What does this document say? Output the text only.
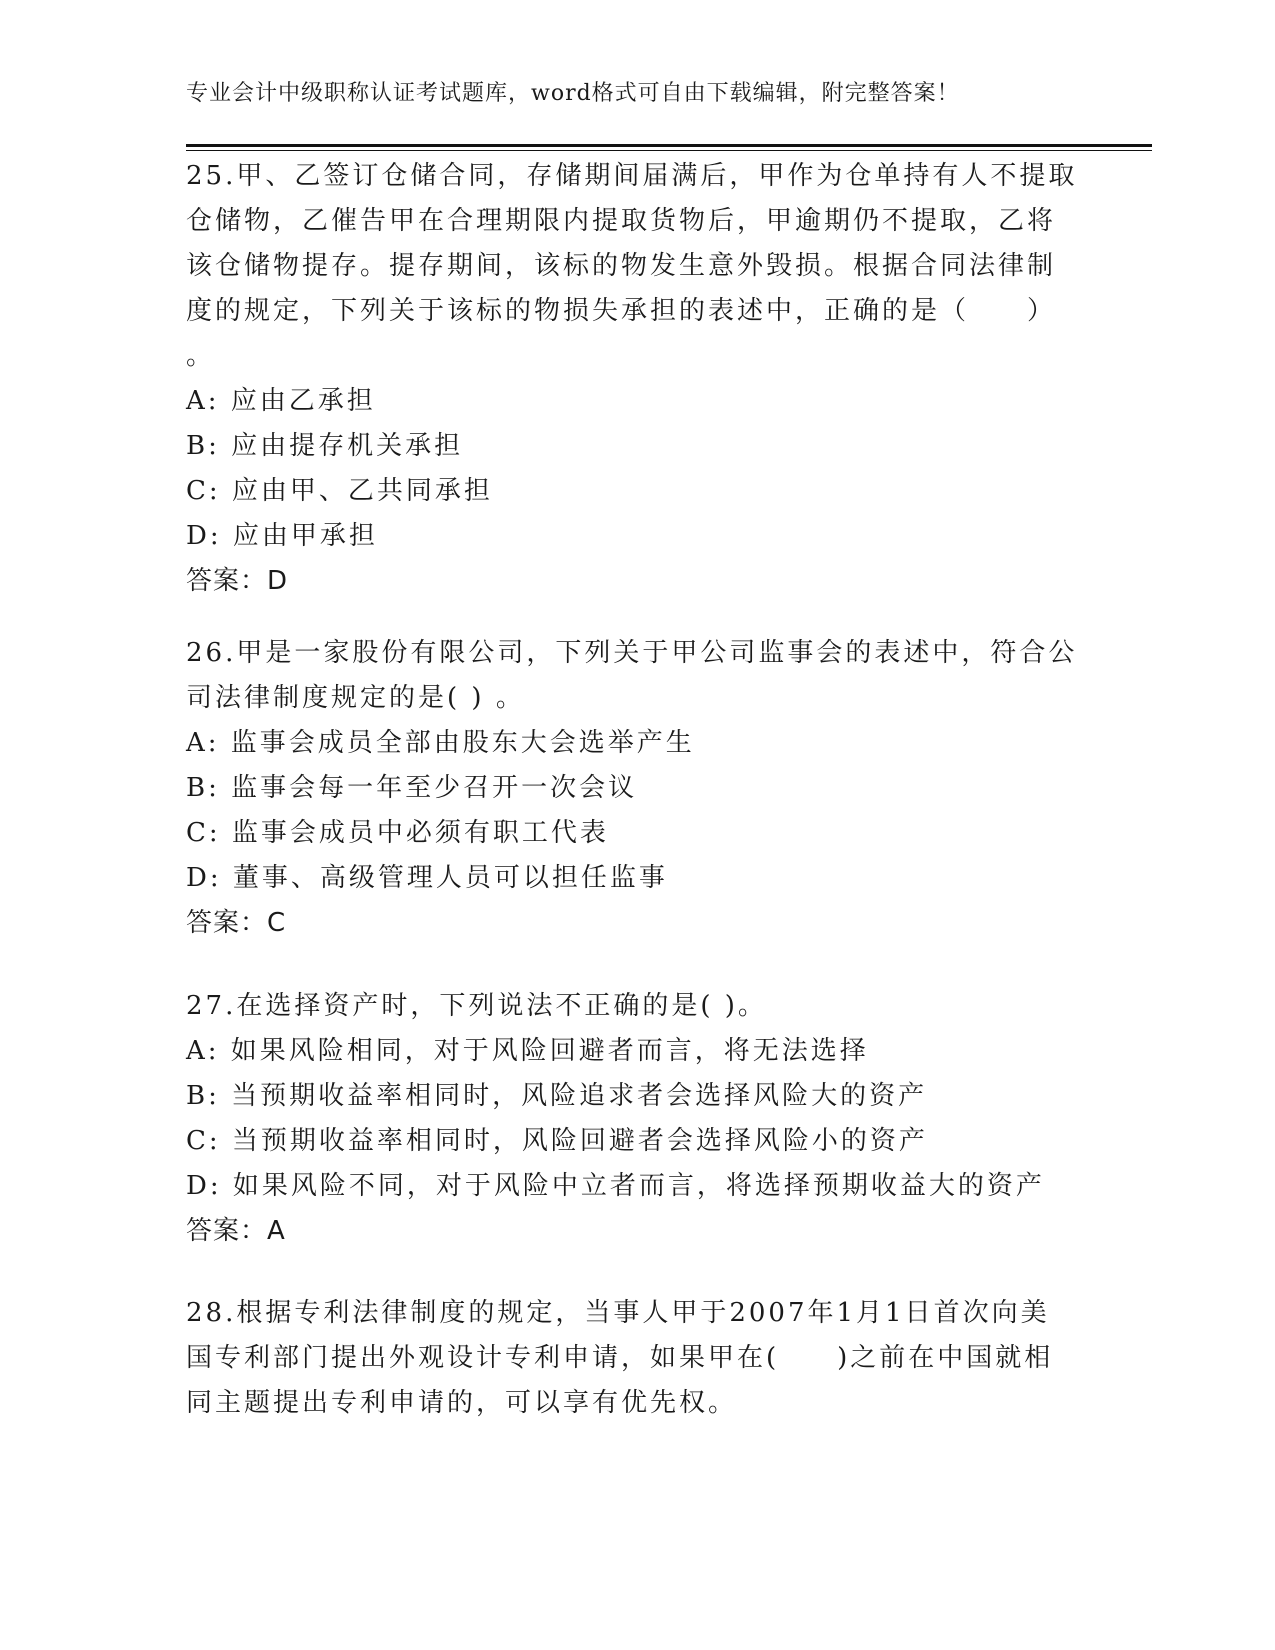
专业会计中级职称认证考试题库，word格式可自由下载编辑，附完整答案！
25.甲、乙签订仓储合同，存储期间届满后，甲作为仓单持有人不提取
仓储物，乙催告甲在合理期限内提取货物后，甲逾期仍不提取，乙将
该仓储物提存。提存期间，该标的物发生意外毁损。根据合同法律制
度的规定，下列关于该标的物损失承担的表述中，正确的是（　　）
。
A: 应由乙承担
B: 应由提存机关承担
C: 应由甲、乙共同承担
D: 应由甲承担
答案：D
26.甲是一家股份有限公司，下列关于甲公司监事会的表述中，符合公
司法律制度规定的是( ) 。
A: 监事会成员全部由股东大会选举产生
B: 监事会每一年至少召开一次会议
C: 监事会成员中必须有职工代表
D: 董事、高级管理人员可以担任监事
答案：C
27.在选择资产时，下列说法不正确的是( )。
A: 如果风险相同，对于风险回避者而言，将无法选择
B: 当预期收益率相同时，风险追求者会选择风险大的资产
C: 当预期收益率相同时，风险回避者会选择风险小的资产
D: 如果风险不同，对于风险中立者而言，将选择预期收益大的资产
答案：A
28.根据专利法律制度的规定，当事人甲于2007年1月1日首次向美
国专利部门提出外观设计专利申请，如果甲在(　　)之前在中国就相
同主题提出专利申请的，可以享有优先权。
